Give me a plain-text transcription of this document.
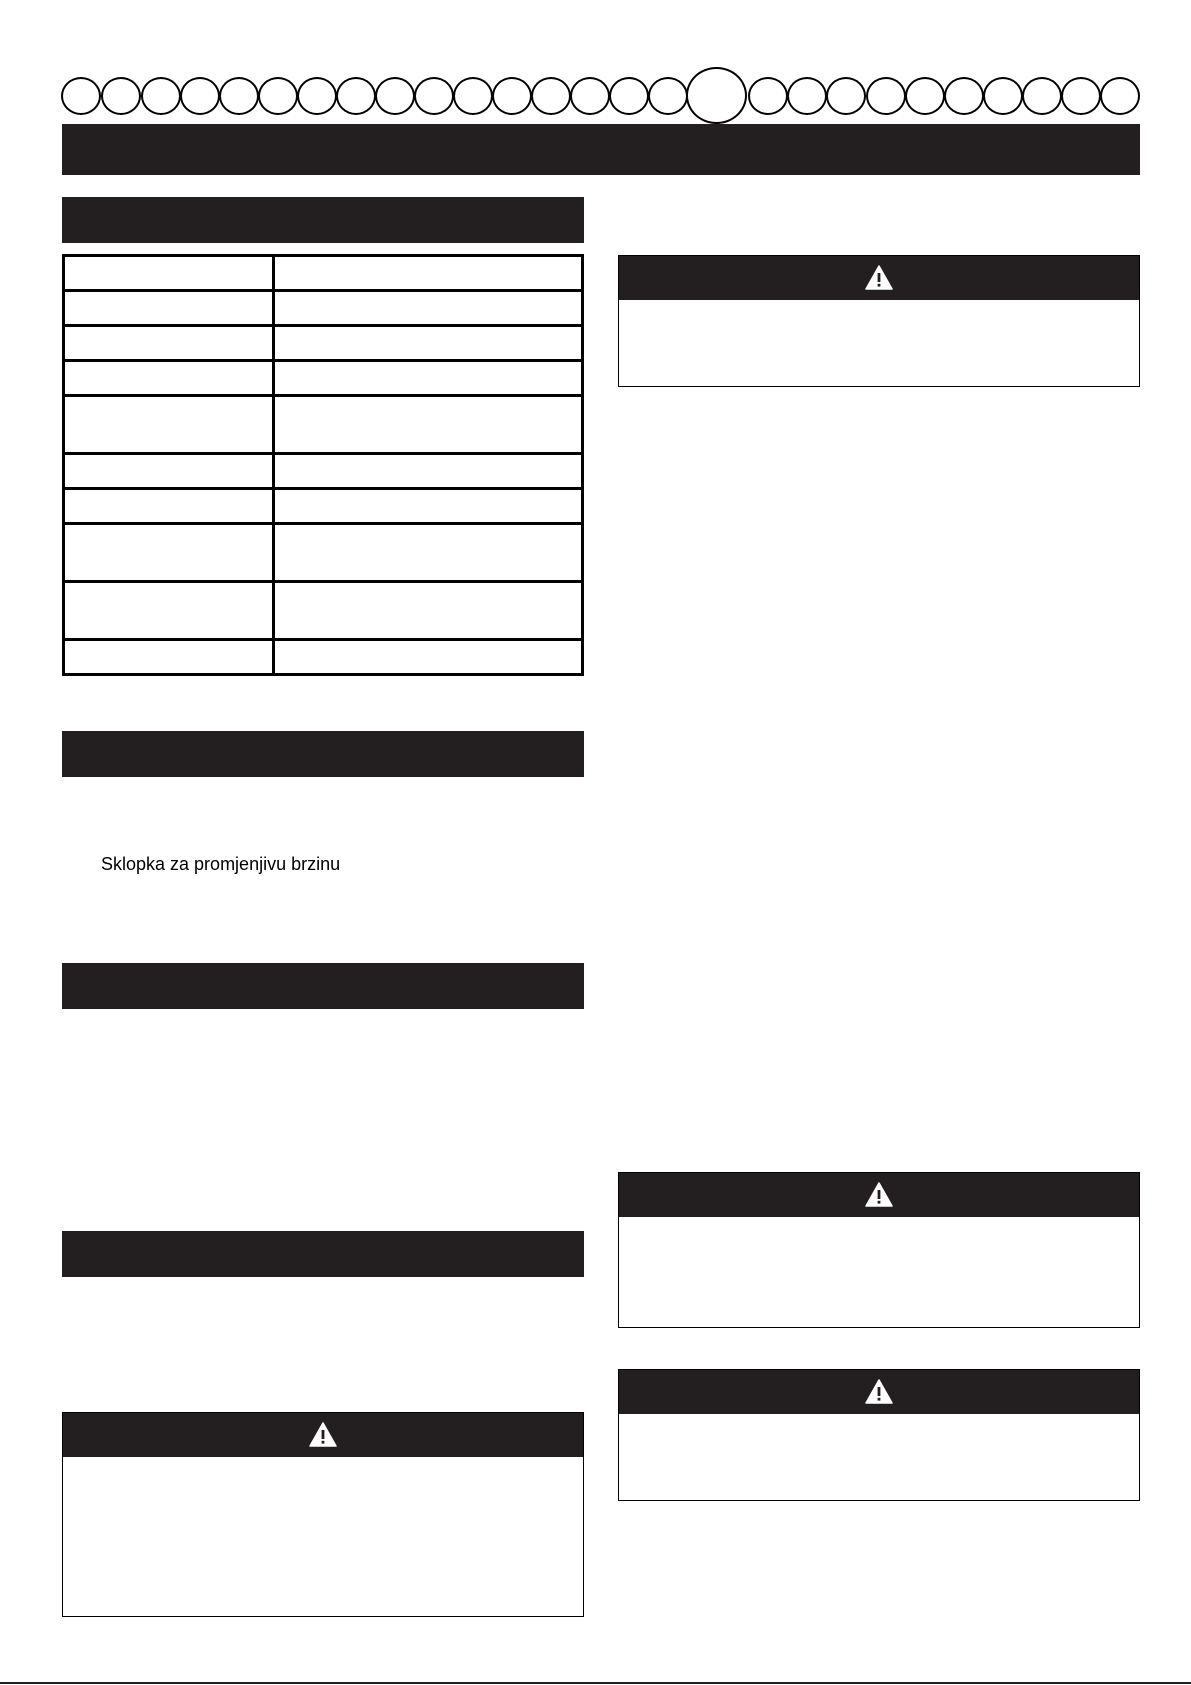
Sklopka za promjenjivu brzinu
